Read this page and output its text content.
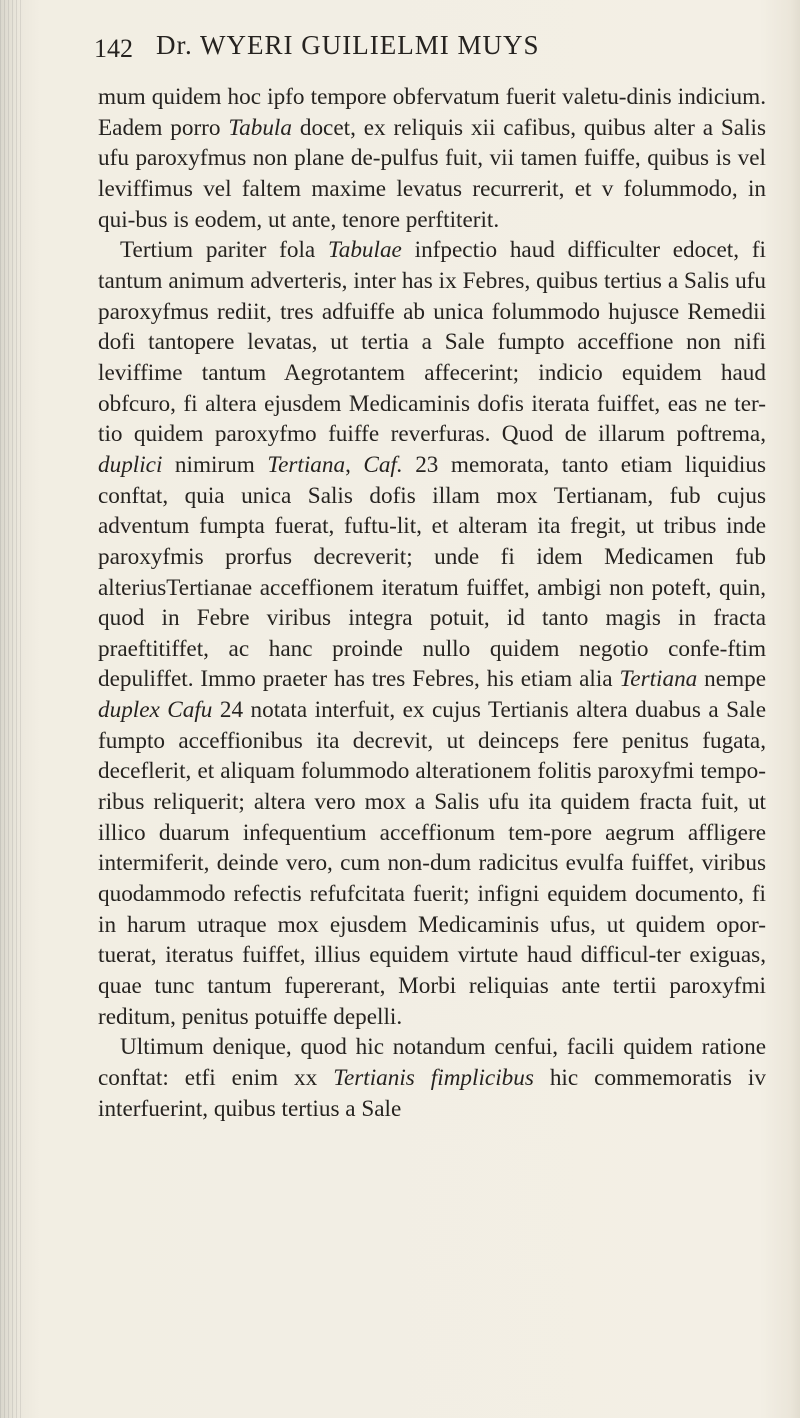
142 Dr. WYERI GUILIELMI MUYS

mum quidem hoc ipfo tempore obfervatum fuerit valetu-dinis indicium. Eadem porro Tabula docet, ex reliquis xii cafibus, quibus alter a Salis ufu paroxyfmus non plane de-pulfus fuit, vii tamen fuiffe, quibus is vel leviffimus vel faltem maxime levatus recurrerit, et v folummodo, in qui-bus is eodem, ut ante, tenore perftiterit.

Tertium pariter fola Tabulae infpectio haud difficulter edocet, fi tantum animum adverteris, inter has ix Febres, quibus tertius a Salis ufu paroxyfmus rediit, tres adfuiffe ab unica folummodo hujusce Remedii dofi tantopere levatas, ut tertia a Sale fumpto acceffione non nifi leviffime tantum Aegrotantem affecerint; indicio equidem haud obfcuro, fi altera ejusdem Medicaminis dofis iterata fuiffet, eas ne ter-tio quidem paroxyfmo fuiffe reverfuras. Quod de illarum poftrema, duplici nimirum Tertiana, Caf. 23 memorata, tanto etiam liquidius conftat, quia unica Salis dofis illam mox Tertianam, fub cujus adventum fumpta fuerat, fuftu-lit, et alteram ita fregit, ut tribus inde paroxyfmis prorfus decreverit; unde fi idem Medicamen fub alteriusTertianae acceffionem iteratum fuiffet, ambigi non poteft, quin, quod in Febre viribus integra potuit, id tanto magis in fracta praeftitiffet, ac hanc proinde nullo quidem negotio confe-ftim depuliffet. Immo praeter has tres Febres, his etiam alia Tertiana nempe duplex Cafu 24 notata interfuit, ex cujus Tertianis altera duabus a Sale fumpto acceffionibus ita decrevit, ut deinceps fere penitus fugata, deceflerit, et aliquam folummodo alterationem folitis paroxyfmi tempo-ribus reliquerit; altera vero mox a Salis ufu ita quidem fracta fuit, ut illico duarum infequentium acceffionum tem-pore aegrum affligere intermiferit, deinde vero, cum non-dum radicitus evulfa fuiffet, viribus quodammodo refectis refufcitata fuerit; infigni equidem documento, fi in harum utraque mox ejusdem Medicaminis ufus, ut quidem opor-tuerat, iteratus fuiffet, illius equidem virtute haud difficul-ter exiguas, quae tunc tantum fupererant, Morbi reliquias ante tertii paroxyfmi reditum, penitus potuiffe depelli.

Ultimum denique, quod hic notandum cenfui, facili quidem ratione conftat: etfi enim xx Tertianis fimplicibus hic commemoratis iv interfuerint, quibus tertius a Sale
